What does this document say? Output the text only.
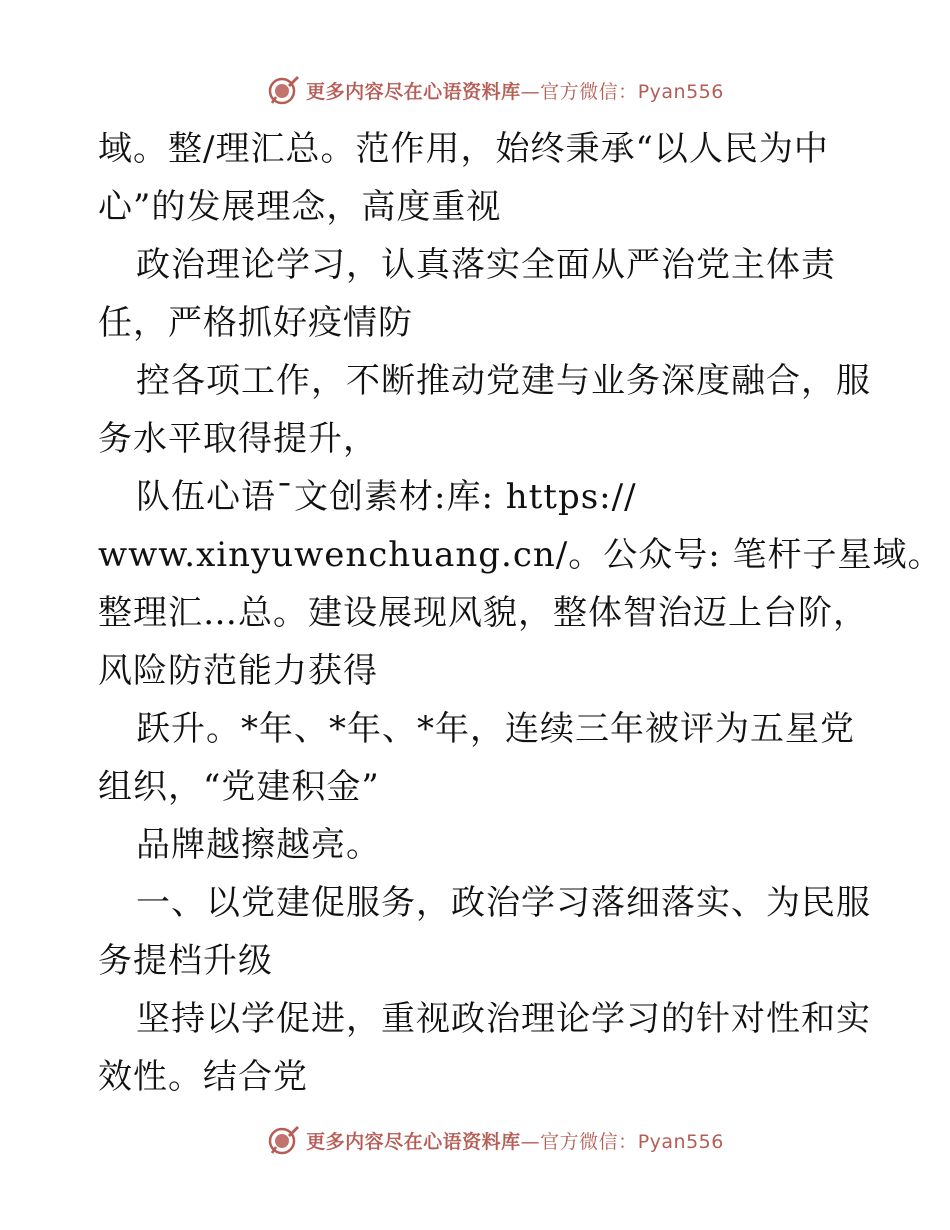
更多内容尽在心语资料库—官方微信：Pyan556
域。整/理汇总。范作用，始终秉承“以人民为中
心”的发展理念，高度重视
政治理论学习，认真落实全面从严治党主体责
任，严格抓好疫情防
控各项工作，不断推动党建与业务深度融合，服
务水平取得提升，
队伍心语¯文创素材:库: https://
www.xinyuwenchuang.cn/。公众号: 笔杆子星域。
整理汇…总。建设展现风貌，整体智治迈上台阶，
风险防范能力获得
跃升。*年、*年、*年，连续三年被评为五星党
组织，“党建积金”
品牌越擦越亮。
一、以党建促服务，政治学习落细落实、为民服
务提档升级
坚持以学促进，重视政治理论学习的针对性和实
效性。结合党
更多内容尽在心语资料库—官方微信：Pyan556
